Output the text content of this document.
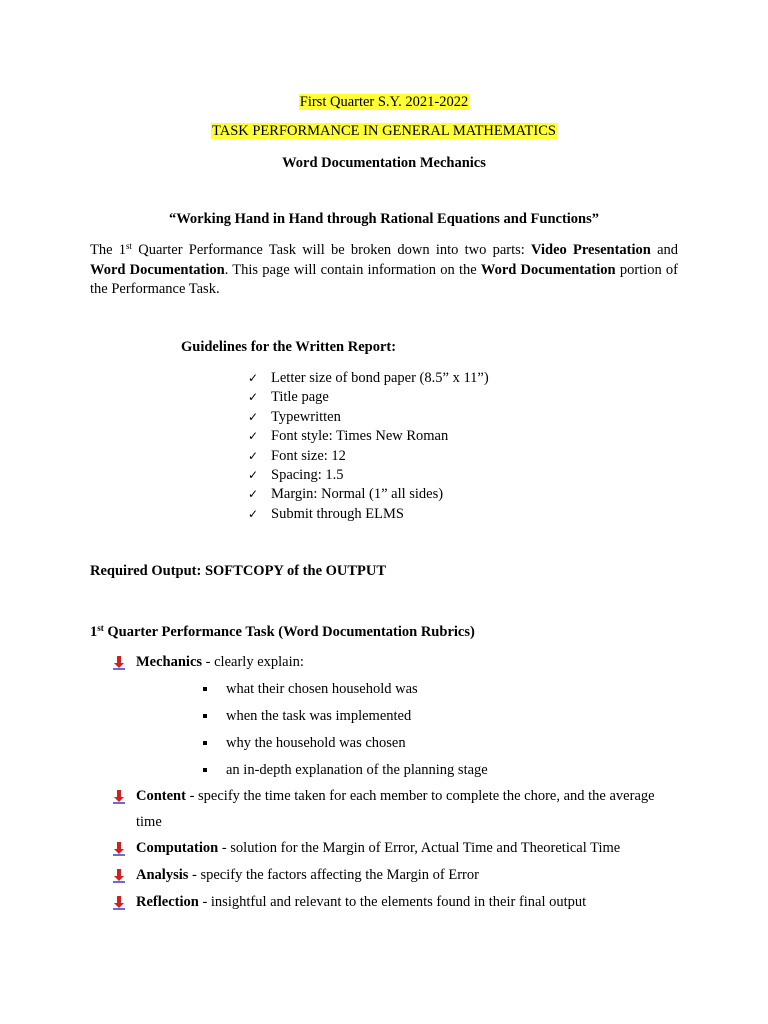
First Quarter S.Y. 2021-2022
TASK PERFORMANCE IN GENERAL MATHEMATICS
Word Documentation Mechanics
“Working Hand in Hand through Rational Equations and Functions”
The 1st Quarter Performance Task will be broken down into two parts: Video Presentation and Word Documentation. This page will contain information on the Word Documentation portion of the Performance Task.
Guidelines for the Written Report:
✓ Letter size of bond paper (8.5” x 11”)
✓ Title page
✓ Typewritten
✓ Font style: Times New Roman
✓ Font size: 12
✓ Spacing: 1.5
✓ Margin: Normal (1” all sides)
✓ Submit through ELMS
Required Output: SOFTCOPY of the OUTPUT
1st Quarter Performance Task (Word Documentation Rubrics)
Mechanics - clearly explain:
what their chosen household was
when the task was implemented
why the household was chosen
an in-depth explanation of the planning stage
Content - specify the time taken for each member to complete the chore, and the average
time
Computation - solution for the Margin of Error, Actual Time and Theoretical Time
Analysis - specify the factors affecting the Margin of Error
Reflection - insightful and relevant to the elements found in their final output
